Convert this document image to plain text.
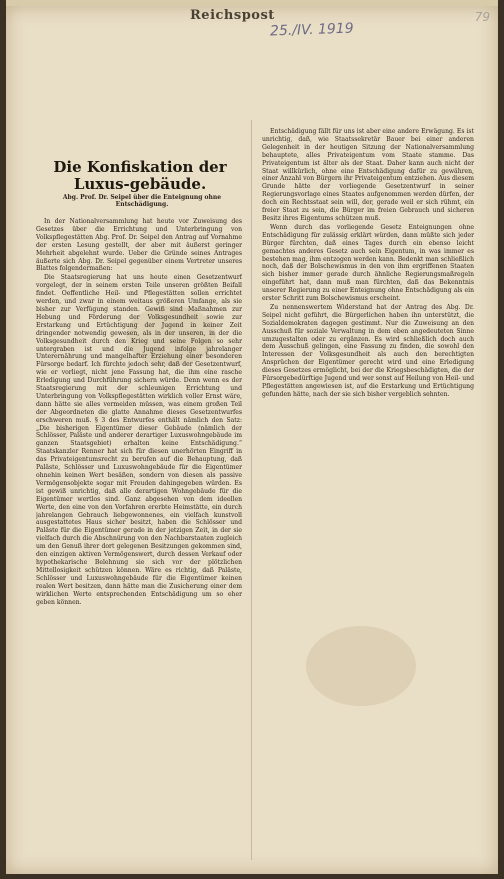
Reichspost	79
25./IV. 1919
Die Konfiskation der Luxus-gebäude.
Abg. Prof. Dr. Seipel über die Enteignung ohne Entschädigung.

In der Nationalversammlung hat heute vor Zuweisung des Gesetzes über die Errichtung und Unterbringung von Volkspflegestätten Abg. Prof. Dr. Seipel den Antrag auf Vornahme der ersten Lesung gestellt, der aber mit äußerst geringer Mehrheit abgelehnt wurde. Ueber die Gründe seines Antrages äußerte sich Abg. Dr. Seipel gegenüber einem Vertreter unseres Blattes folgendermaßen:

Die Staatsregierung hat uns heute einen Gesetzentwurf vorgelegt, der in seinem ersten Teile unseren größten Beifall findet. Oeffentliche Heil- und Pflegestätten sollen errichtet werden, und zwar in einem weitaus größeren Umfange, als sie bisher zur Verfügung standen. Gewiß sind Maßnahmen zur Hebung und Förderung der Volksgesundheit sowie zur Erstarkung und Ertüchtigung der Jugend in keiner Zeit dringender notwendig gewesen, als in der unseren, in der die Volksgesundheit durch den Krieg und seine Folgen so sehr untergraben ist und die Jugend infolge jahrelanger Unterernährung und mangelhafter Erziehung einer besonderen Fürsorge bedarf. Ich fürchte jedoch sehr, daß der Gesetzentwurf, wie er vorliegt, nicht jene Fassung hat, die ihm eine rasche Erledigung und Durchführung sichern würde. Denn wenn es der Staatsregierung mit der schleunigen Errichtung und Unterbringung von Volkspflegestätten wirklich voller Ernst wäre, dann hätte sie alles vermeiden müssen, was einem großen Teil der Abgeordneten die glatte Annahme dieses Gesetzentwurfes erschweren muß. § 3 des Entwurfes enthält nämlich den Satz: „Die bisherigen Eigentümer dieser Gebäude (nämlich der Schlösser, Paläste und anderer derartiger Luxuswohngebäude im ganzen Staatsgebiet) erhalten keine Entschädigung.“ Staatskanzler Renner hat sich für diesen unerhörten Eingriff in das Privateigentumsrecht zu berufen auf die Behauptung, daß Paläste, Schlösser und Luxuswohngebäude für die Eigentümer ohnehin keinen Wert besäßen, sondern von diesen als passive Vermögensobjekte sogar mit Freuden dahingegeben würden. Es ist gewiß unrichtig, daß alle derartigen Wohngebäude für die Eigentümer wertlos sind. Ganz abgesehen von dem ideellen Werte, den eine von den Vorfahren ererbte Heimstätte, ein durch jahrelangen Gebrauch liebgewonnenes, ein vielfach kunstvoll ausgestattetes Haus sicher besitzt, haben die Schlösser und Paläste für die Eigentümer gerade in der jetzigen Zeit, in der sie vielfach durch die Abschnürung von den Nachbarstaaten zugleich um den Genuß ihrer dort gelegenen Besitzungen gekommen sind, den einzigen aktiven Vermögenswert, durch dessen Verkauf oder hypothekarische Belehnung sie sich vor der plötzlichen Mittellosigkeit schützen können. Wäre es richtig, daß Paläste, Schlösser und Luxuswohngebäude für die Eigentümer keinen realen Wert besitzen, dann hätte man die Zusicherung einer dem wirklichen Werte entsprechenden Entschädigung um so eher geben können.

Entschädigung fällt für uns ist aber eine andere Erwägung. Es ist unrichtig, daß, wie Staatssekretär Bauer bei einer anderen Gelegenheit in der heutigen Sitzung der Nationalversammlung behauptete, alles Privateigentum vom Staate stamme. Das Privateigentum ist älter als der Staat. Daher kann auch nicht der Staat willkürlich, ohne eine Entschädigung dafür zu gewähren, einer Anzahl von Bürgern ihr Privateigentum entziehen. Aus diesem Grunde hätte der vorliegende Gesetzentwurf in seiner Regierungsvorlage eines Staates aufgenommen werden dürfen, der doch ein Rechtsstaat sein will, der, gerade weil er sich rühmt, ein freier Staat zu sein, die Bürger im freien Gebrauch und sicheren Besitz ihres Eigentums schützen muß.

Wenn durch das vorliegende Gesetz Enteignungen ohne Entschädigung für zulässig erklärt würden, dann müßte sich jeder Bürger fürchten, daß eines Tages durch ein ebenso leicht gemachtes anderes Gesetz auch sein Eigentum, in was immer es bestehen mag, ihm entzogen werden kann. Bedenkt man schließlich noch, daß der Bolschewismus in den von ihm ergriffenen Staaten sich bisher immer gerade durch ähnliche Regierungsmaßregeln eingeführt hat, dann muß man fürchten, daß das Bekenntnis unserer Regierung zu einer Enteignung ohne Entschädigung als ein erster Schritt zum Bolschewismus erscheint.

Zu nennenswertem Widerstand hat der Antrag des Abg. Dr. Seipel nicht geführt, die Bürgerlichen haben ihn unterstützt, die Sozialdemokraten dagegen gestimmt. Nur die Zuweisung an den Ausschuß für soziale Verwaltung in dem eben angedeuteten Sinne umzugestalten oder zu ergänzen. Es wird schließlich doch auch dem Ausschuß gelingen, eine Fassung zu finden, die sowohl den Interessen der Volksgesundheit als auch den berechtigten Ansprüchen der Eigentümer gerecht wird und eine Erledigung dieses Gesetzes ermöglicht, bei der die Kriegsbeschädigten, die der Fürsorgebedürftige Jugend und wer sonst auf Heilung von Heil- und Pflegestätten angewiesen ist, auf die Erstarkung und Ertüchtigung gefunden hätte, nach der sie sich bisher vergeblich sehnten.
